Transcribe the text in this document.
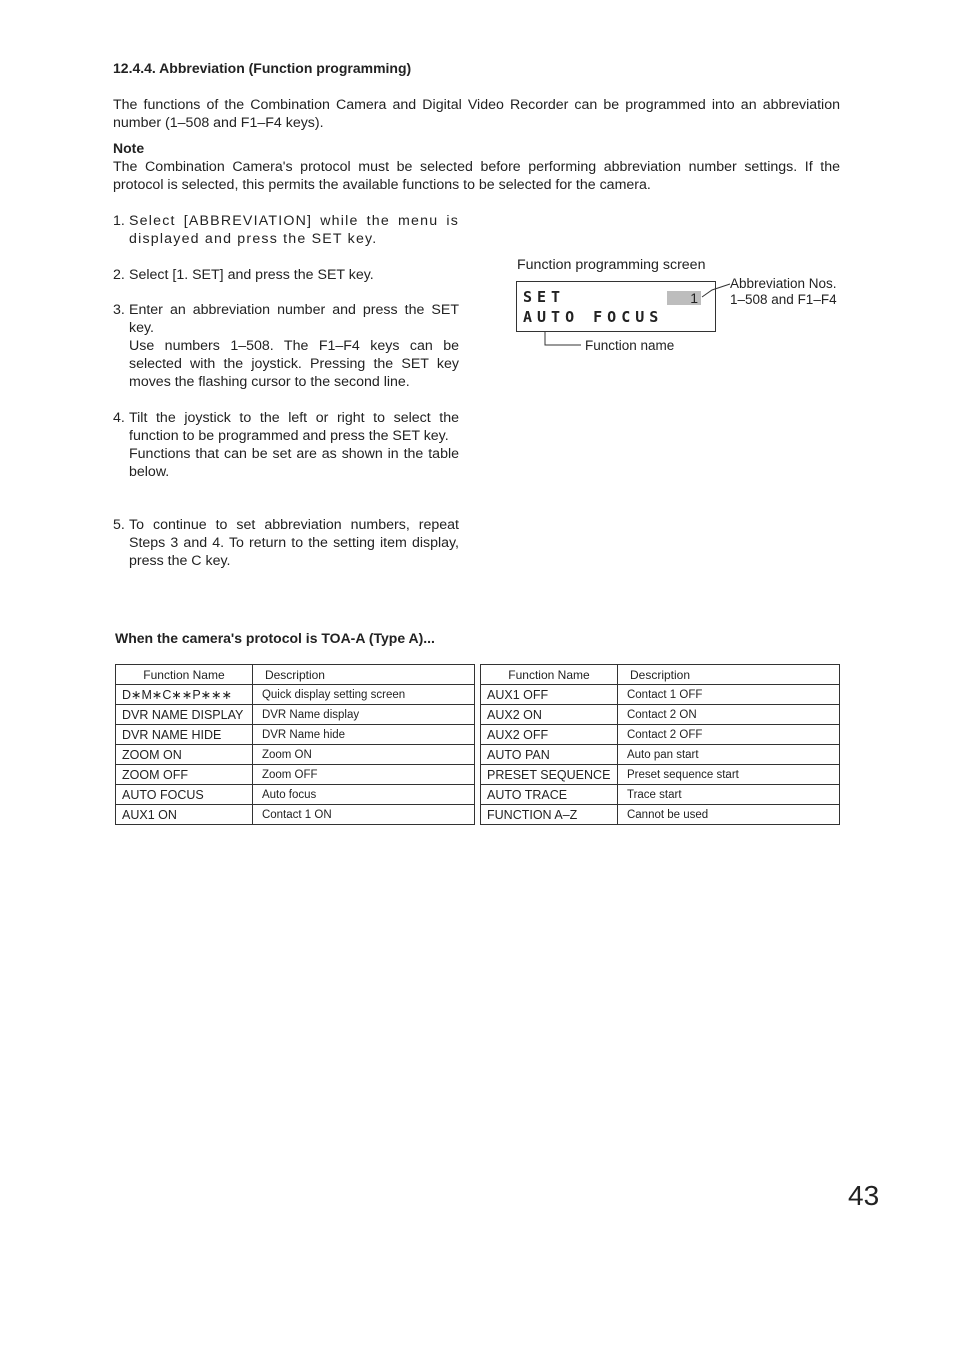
12.4.4. Abbreviation (Function programming)
The functions of the Combination Camera and Digital Video Recorder can be programmed into an abbreviation number (1–508 and F1–F4 keys).
Note
The Combination Camera's protocol must be selected before performing abbreviation number settings. If the protocol is selected, this permits the available functions to be selected for the camera.
1. Select [ABBREVIATION] while the menu is displayed and press the SET key.

2. Select [1. SET] and press the SET key.

3. Enter an abbreviation number and press the SET key.

Use numbers 1–508. The F1–F4 keys can be selected with the joystick. Pressing the SET key moves the flashing cursor to the second line.

4. Tilt the joystick to the left or right to select the function to be programmed and press the SET key.

Functions that can be set are as shown in the table below.

5. To continue to set abbreviation numbers, repeat Steps 3 and 4. To return to the setting item display, press the C key.

Function programming screen
SET	1
AUTO FOCUS
Abbreviation Nos.
1–508 and F1–F4
Function name
When the camera's protocol is TOA-A (Type A)...
Function Name	Description
D∗M∗C∗∗P∗∗∗	Quick display setting screen
DVR NAME DISPLAY	DVR Name display
DVR NAME HIDE	DVR Name hide
ZOOM ON	Zoom ON
ZOOM OFF	Zoom OFF
AUTO FOCUS	Auto focus
AUX1 ON	Contact 1 ON
Function Name	Description
AUX1 OFF	Contact 1 OFF
AUX2 ON	Contact 2 ON
AUX2 OFF	Contact 2 OFF
AUTO PAN	Auto pan start
PRESET SEQUENCE	Preset sequence start
AUTO TRACE	Trace start
FUNCTION A–Z	Cannot be used
43
